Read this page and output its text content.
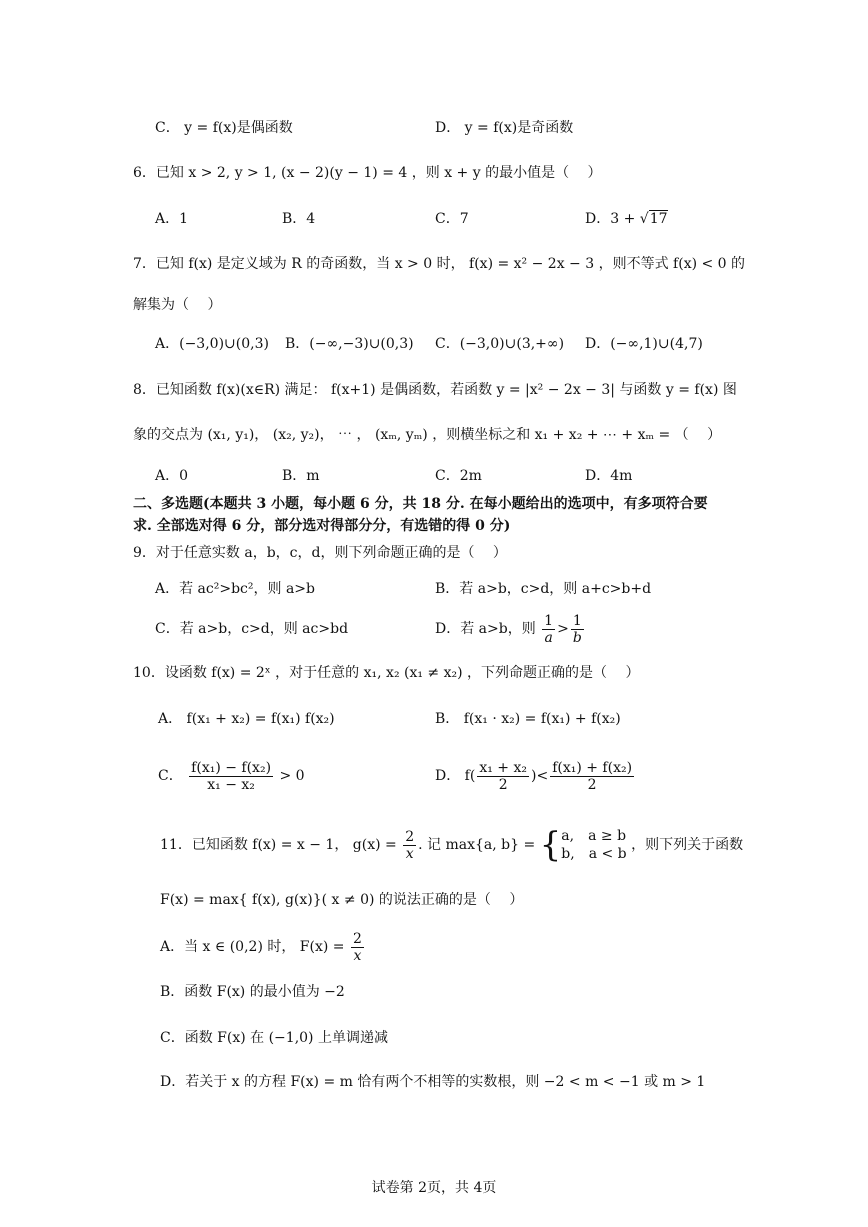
C． y = f(x)是偶函数	D． y = f(x)是奇函数
6．已知 x > 2, y > 1, (x − 2)(y − 1) = 4 ，则 x + y 的最小值是（　 ）
A．1	B．4	C．7	D．3 + √17
7．已知 f(x) 是定义域为 R 的奇函数，当 x > 0 时， f(x) = x² − 2x − 3 ，则不等式 f(x) < 0 的
解集为（　 ）
A．(−3,0)∪(0,3) B．(−∞,−3)∪(0,3) C．(−3,0)∪(3,+∞) D．(−∞,1)∪(4,7)
8．已知函数 f(x)(x∈R) 满足： f(x+1) 是偶函数，若函数 y = |x² − 2x − 3| 与函数 y = f(x) 图
象的交点为 (x₁, y₁)， (x₂, y₂)， ⋯ ， (xₘ, yₘ) ，则横坐标之和 x₁ + x₂ + ⋯ + xₘ = （　 ）
A．0	B．m	C．2m	D．4m
二、多选题(本题共 3 小题，每小题 6 分，共 18 分. 在每小题给出的选项中，有多项符合要
求. 全部选对得 6 分，部分选对得部分分，有选错的得 0 分)
9．对于任意实数 a，b，c，d，则下列命题正确的是（　 ）
A．若 ac²>bc²，则 a>b	B．若 a>b，c>d，则 a+c>b+d
C．若 a>b，c>d，则 ac>bd	D．若 a>b，则 $\frac{1}{a} > \frac{1}{b}$
10．设函数 f(x) = 2ˣ ，对于任意的 x₁, x₂ (x₁ ≠ x₂) ，下列命题正确的是（　 ）
A． f(x₁ + x₂) = f(x₁) f(x₂)	B． f(x₁ · x₂) = f(x₁) + f(x₂)
C． $\frac{\text{f(x₁) − f(x₂)}}{\text{x₁ − x₂}} > 0$	D． $f( \frac{\text{x₁ + x₂}}{2}$ )< $\frac{\text{f(x₁) + f(x₂)}}{2}$
11．已知函数 f(x) = x − 1， $g(x) = \frac{2}{x}$ . 记 max{a, b} = { a,　a ≥ b
b,　a < b
，则下列关于函数
F(x) = max{ f(x), g(x)}( x ≠ 0) 的说法正确的是（　 ）
A．当 x ∈ (0,2) 时， $F(x) = \frac{2}{x}$
B．函数 F(x) 的最小值为 −2
C．函数 F(x) 在 (−1,0) 上单调递减
D．若关于 x 的方程 F(x) = m 恰有两个不相等的实数根，则 −2 < m < −1 或 m > 1
试卷第 2页，共 4页
